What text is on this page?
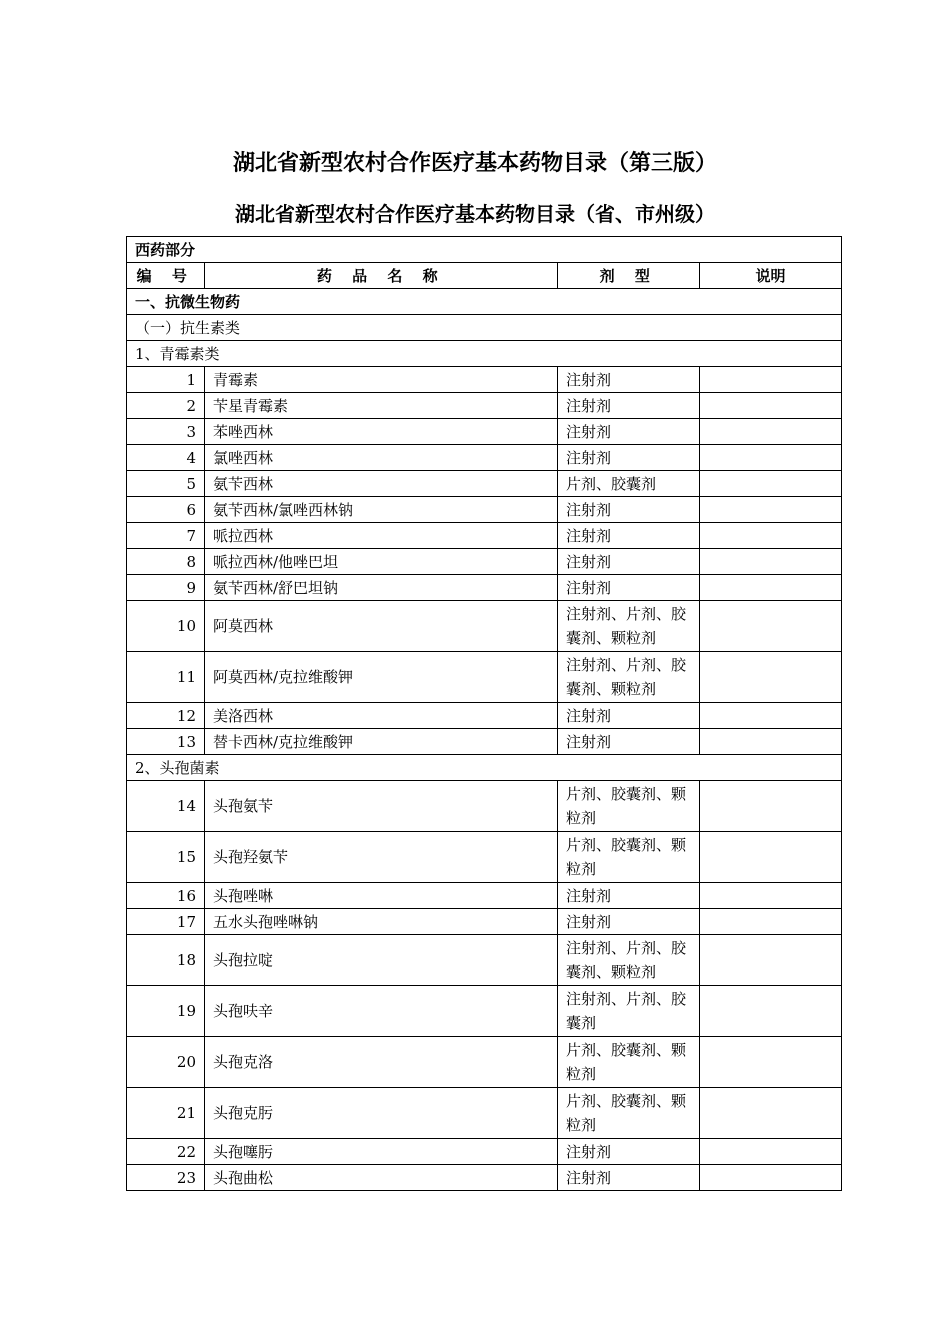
湖北省新型农村合作医疗基本药物目录（第三版）
湖北省新型农村合作医疗基本药物目录（省、市州级）
西药部分			
编 号	药 品 名 称	剂 型	说明
一、抗微生物药			
（一）抗生素类			
1、青霉素类			
1	青霉素	注射剂	
2	苄星青霉素	注射剂	
3	苯唑西林	注射剂	
4	氯唑西林	注射剂	
5	氨苄西林	片剂、胶囊剂	
6	氨苄西林/氯唑西林钠	注射剂	
7	哌拉西林	注射剂	
8	哌拉西林/他唑巴坦	注射剂	
9	氨苄西林/舒巴坦钠	注射剂	
10	阿莫西林	注射剂、片剂、胶囊剂、颗粒剂	
11	阿莫西林/克拉维酸钾	注射剂、片剂、胶囊剂、颗粒剂	
12	美洛西林	注射剂	
13	替卡西林/克拉维酸钾	注射剂	
2、头孢菌素			
14	头孢氨苄	片剂、胶囊剂、颗粒剂	
15	头孢羟氨苄	片剂、胶囊剂、颗粒剂	
16	头孢唑啉	注射剂	
17	五水头孢唑啉钠	注射剂	
18	头孢拉啶	注射剂、片剂、胶囊剂、颗粒剂	
19	头孢呋辛	注射剂、片剂、胶囊剂	
20	头孢克洛	片剂、胶囊剂、颗粒剂	
21	头孢克肟	片剂、胶囊剂、颗粒剂	
22	头孢噻肟	注射剂	
23	头孢曲松	注射剂	
